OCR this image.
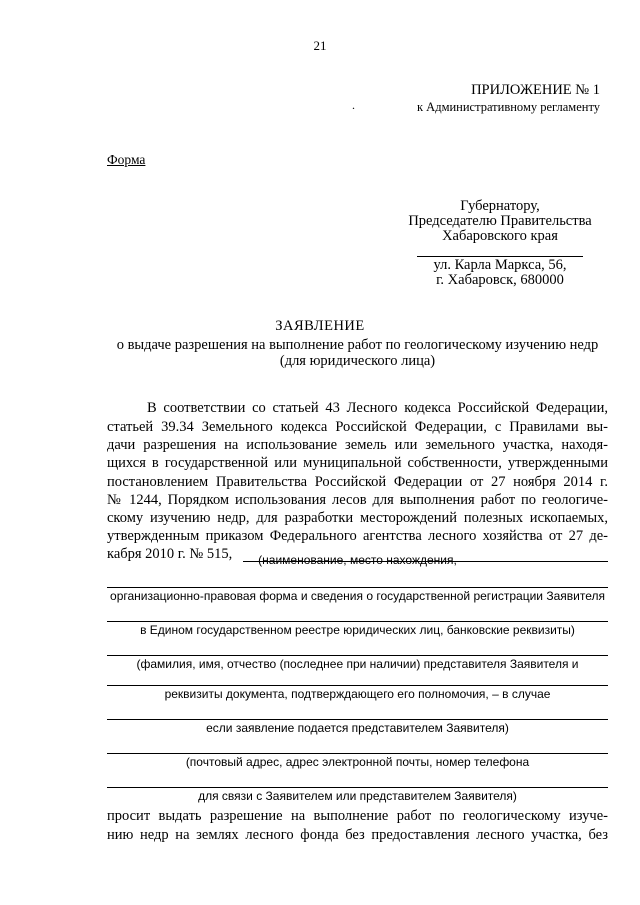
21
ПРИЛОЖЕНИЕ № 1
.	к Административному регламенту
Форма
Губернатору,
Председателю Правительства
Хабаровского края
ул. Карла Маркса, 56,
г. Хабаровск, 680000
ЗАЯВЛЕНИЕ
о выдаче разрешения на выполнение работ по геологическому изучению недр
(для юридического лица)
В соответствии со статьей 43 Лесного кодекса Российской Федерации,
статьей 39.34 Земельного кодекса Российской Федерации, с Правилами вы-
дачи разрешения на использование земель или земельного участка, находя-
щихся в государственной или муниципальной собственности, утвержденными
постановлением Правительства Российской Федерации от 27 ноября 2014 г.
№ 1244, Порядком использования лесов для выполнения работ по геологиче-
скому изучению недр, для разработки месторождений полезных ископаемых,
утвержденным приказом Федерального агентства лесного хозяйства от 27 де-
кабря 2010 г. № 515,	(наименование, место нахождения,
организационно-правовая форма и сведения о государственной регистрации Заявителя
в Едином государственном реестре юридических лиц, банковские реквизиты)
(фамилия, имя, отчество (последнее при наличии) представителя Заявителя и
реквизиты документа, подтверждающего его полномочия, – в случае
если заявление подается представителем Заявителя)
(почтовый адрес, адрес электронной почты, номер телефона
для связи с Заявителем или представителем Заявителя)
просит выдать разрешение на выполнение работ по геологическому изуче-
нию недр на землях лесного фонда без предоставления лесного участка, без
